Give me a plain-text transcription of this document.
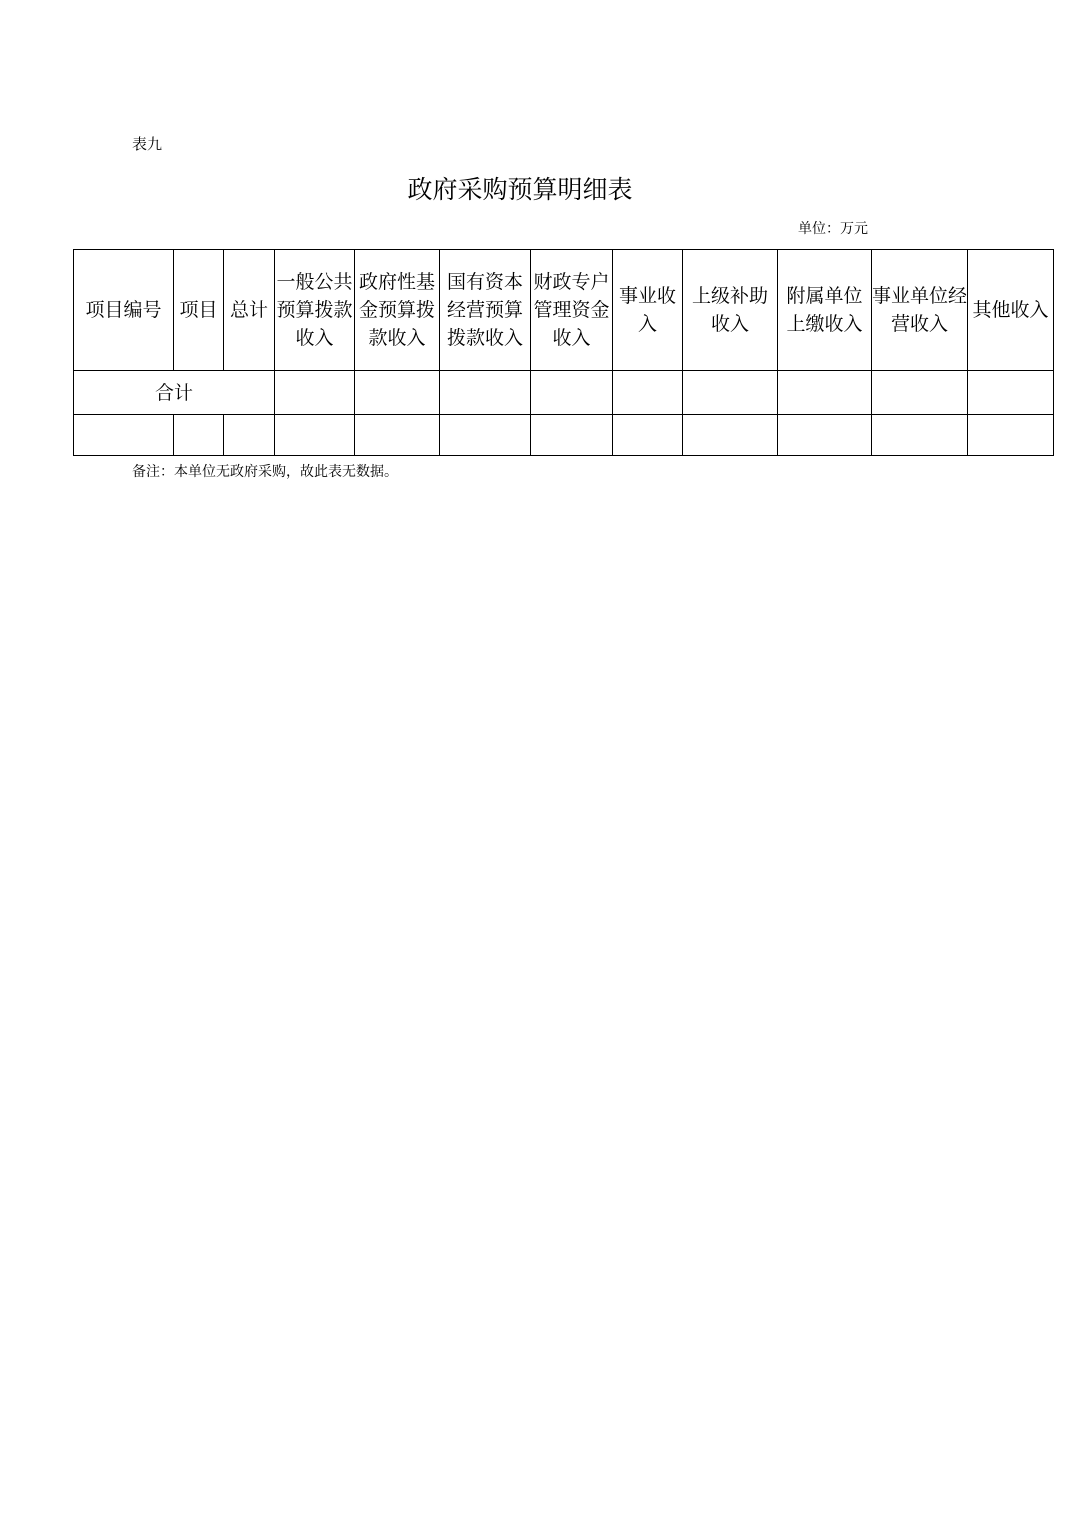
表九
政府采购预算明细表
单位：万元
项目编号	项目	总计	一般公共预算拨款收入	政府性基金预算拨款收入	国有资本经营预算拨款收入	财政专户管理资金收入	事业收入	上级补助收入	附属单位上缴收入	事业单位经营收入	其他收入
合计											

备注：本单位无政府采购，故此表无数据。
